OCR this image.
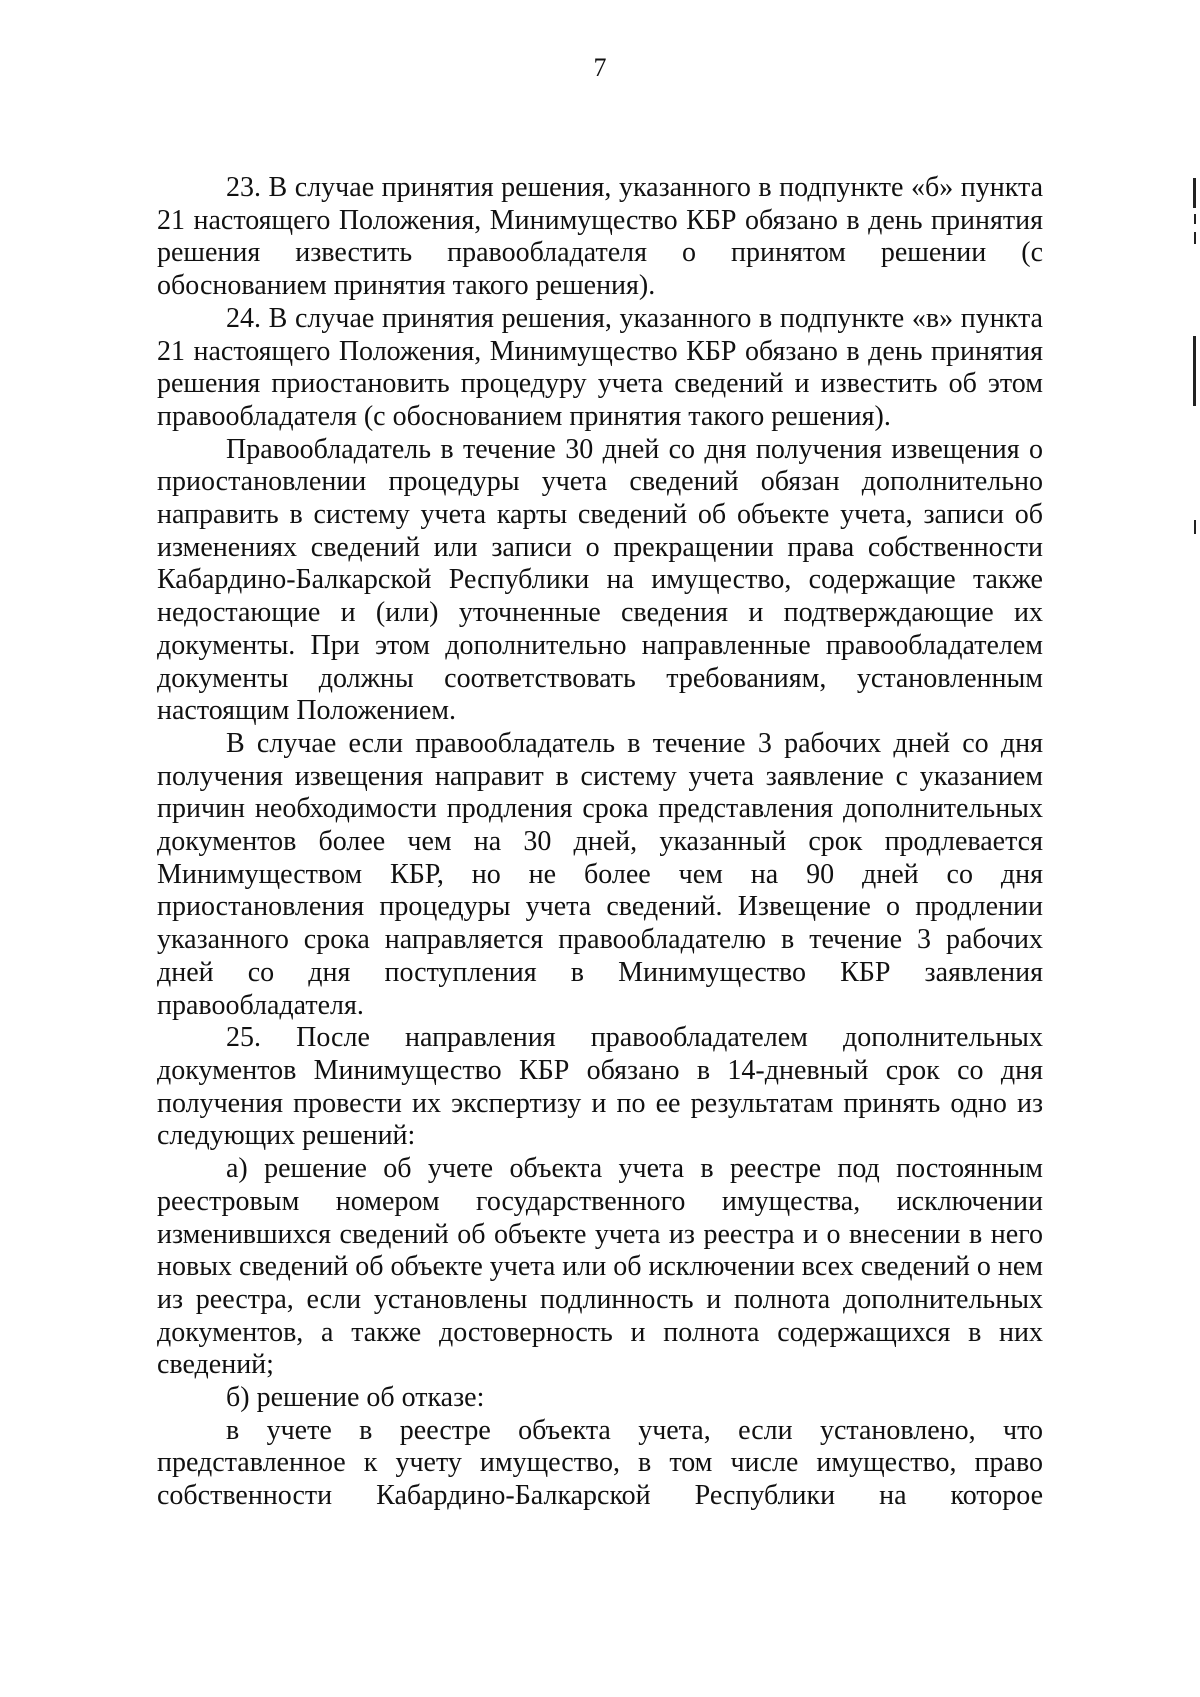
7

23. В случае принятия решения, указанного в подпункте «б» пункта 21 настоящего Положения, Минимущество КБР обязано в день принятия решения известить правообладателя о принятом решении (с обоснованием принятия такого решения).

24. В случае принятия решения, указанного в подпункте «в» пункта 21 настоящего Положения, Минимущество КБР обязано в день принятия решения приостановить процедуру учета сведений и известить об этом правообладателя (с обоснованием принятия такого решения).

Правообладатель в течение 30 дней со дня получения извещения о приостановлении процедуры учета сведений обязан дополнительно направить в систему учета карты сведений об объекте учета, записи об изменениях сведений или записи о прекращении права собственности Кабардино-Балкарской Республики на имущество, содержащие также недостающие и (или) уточненные сведения и подтверждающие их документы. При этом дополнительно направленные правообладателем документы должны соответствовать требованиям, установленным настоящим Положением.

В случае если правообладатель в течение 3 рабочих дней со дня получения извещения направит в систему учета заявление с указанием причин необходимости продления срока представления дополнительных документов более чем на 30 дней, указанный срок продлевается Минимуществом КБР, но не более чем на 90 дней со дня приостановления процедуры учета сведений. Извещение о продлении указанного срока направляется правообладателю в течение 3 рабочих дней со дня поступления в Минимущество КБР заявления правообладателя.

25. После направления правообладателем дополнительных документов Минимущество КБР обязано в 14-дневный срок со дня получения провести их экспертизу и по ее результатам принять одно из следующих решений:

а) решение об учете объекта учета в реестре под постоянным реестровым номером государственного имущества, исключении изменившихся сведений об объекте учета из реестра и о внесении в него новых сведений об объекте учета или об исключении всех сведений о нем из реестра, если установлены подлинность и полнота дополнительных документов, а также достоверность и полнота содержащихся в них сведений;

б) решение об отказе:

в учете в реестре объекта учета, если установлено, что представленное к учету имущество, в том числе имущество, право собственности Кабардино-Балкарской Республики на которое
